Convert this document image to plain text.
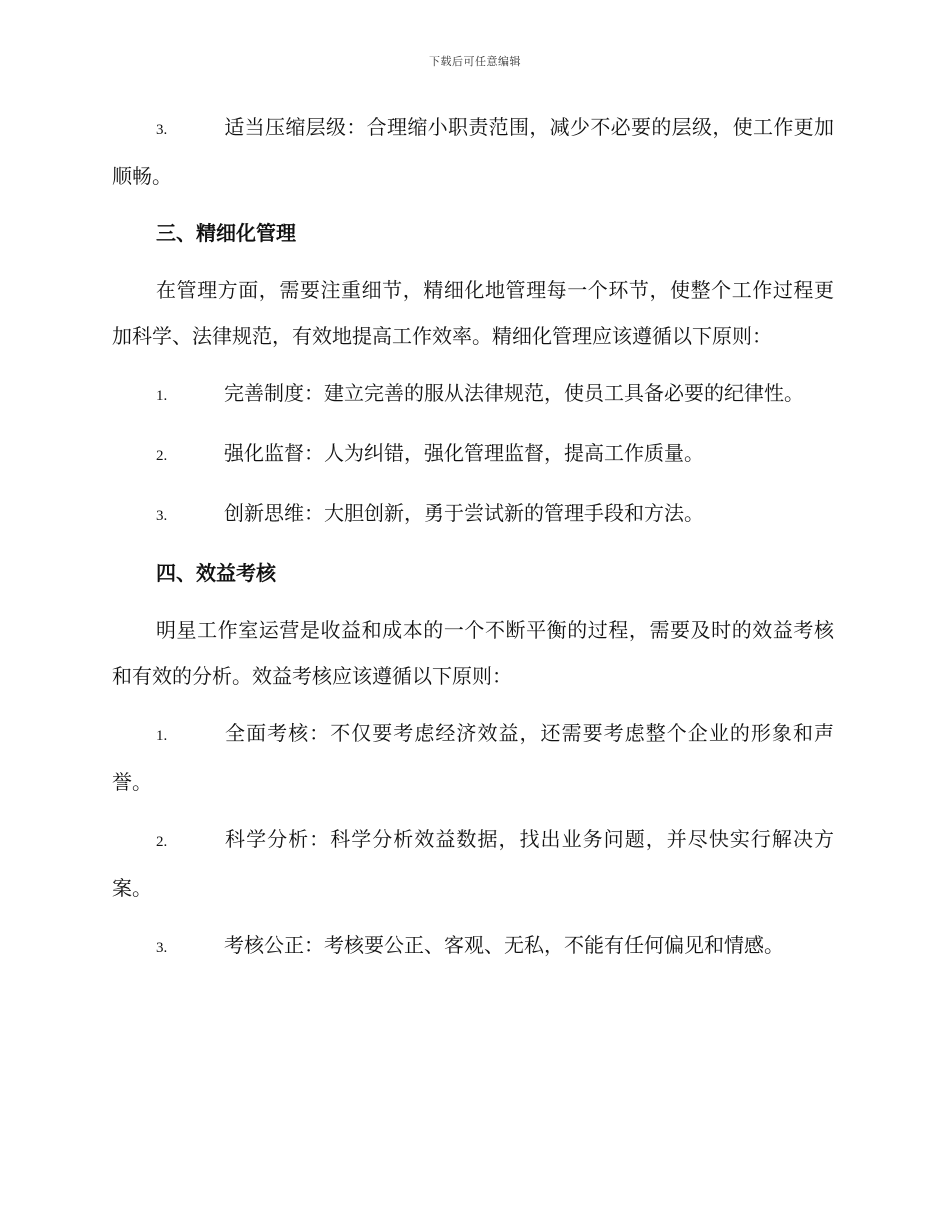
下载后可任意编辑
3.	适当压缩层级：合理缩小职责范围，减少不必要的层级，使工作更加顺畅。
三、精细化管理
在管理方面，需要注重细节，精细化地管理每一个环节，使整个工作过程更加科学、法律规范，有效地提高工作效率。精细化管理应该遵循以下原则：
1.	完善制度：建立完善的服从法律规范，使员工具备必要的纪律性。
2.	强化监督：人为纠错，强化管理监督，提高工作质量。
3.	创新思维：大胆创新，勇于尝试新的管理手段和方法。
四、效益考核
明星工作室运营是收益和成本的一个不断平衡的过程，需要及时的效益考核和有效的分析。效益考核应该遵循以下原则：
1.	全面考核：不仅要考虑经济效益，还需要考虑整个企业的形象和声誉。
2.	科学分析：科学分析效益数据，找出业务问题，并尽快实行解决方案。
3.	考核公正：考核要公正、客观、无私，不能有任何偏见和情感。
